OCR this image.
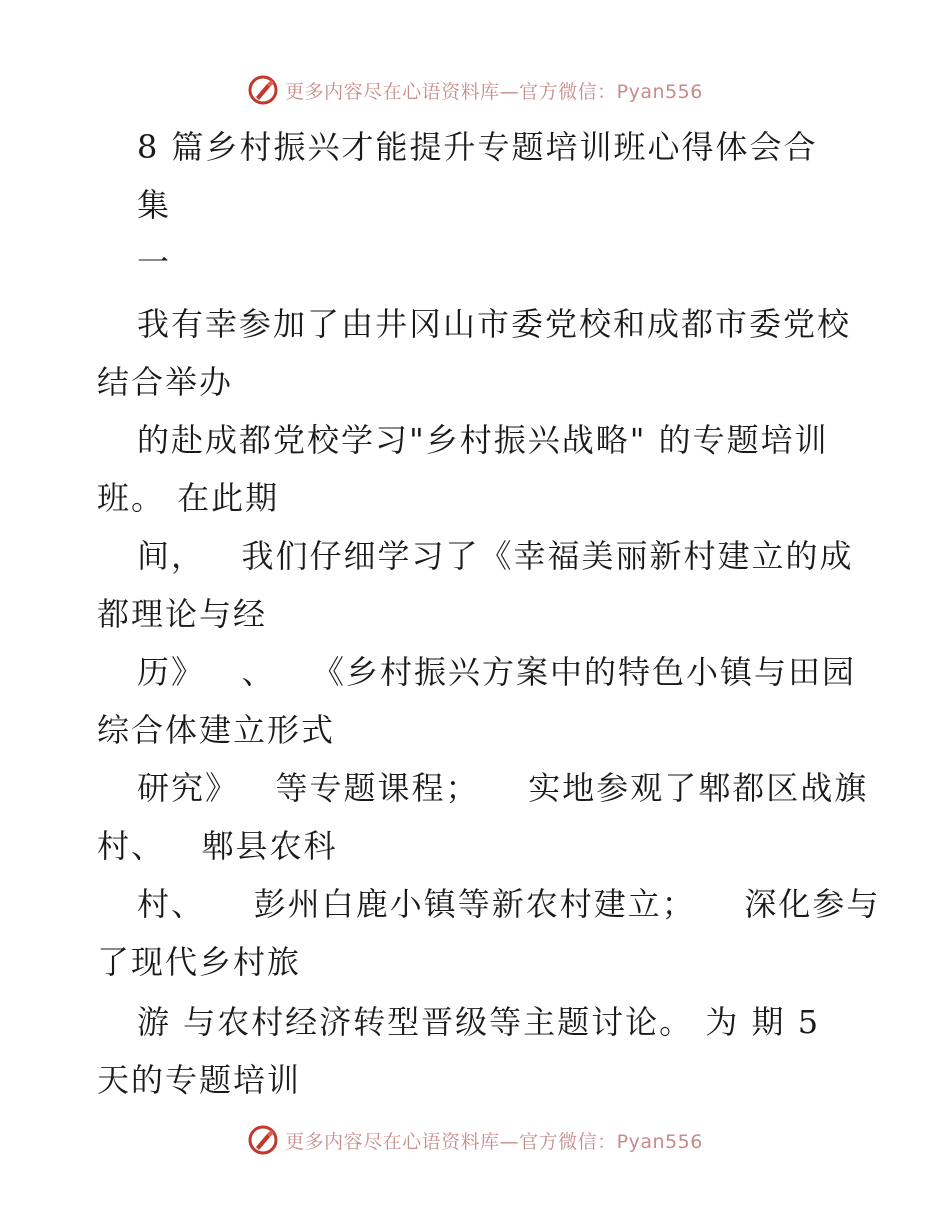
更多内容尽在心语资料库—官方微信：Pyan556
8 篇乡村振兴才能提升专题培训班心得体会合
集
一
我有幸参加了由井冈山市委党校和成都市委党校
结合举办
的赴成都党校学习"乡村振兴战略" 的专题培训
班。 在此期
间，   我们仔细学习了《幸福美丽新村建立的成
都理论与经
历》   、   《乡村振兴方案中的特色小镇与田园
综合体建立形式
研究》   等专题课程；    实地参观了郫都区战旗
村、   郫县农科
村、    彭州白鹿小镇等新农村建立；    深化参与
了现代乡村旅
游 与农村经济转型晋级等主题讨论。 为 期 5
天的专题培训
更多内容尽在心语资料库—官方微信：Pyan556
